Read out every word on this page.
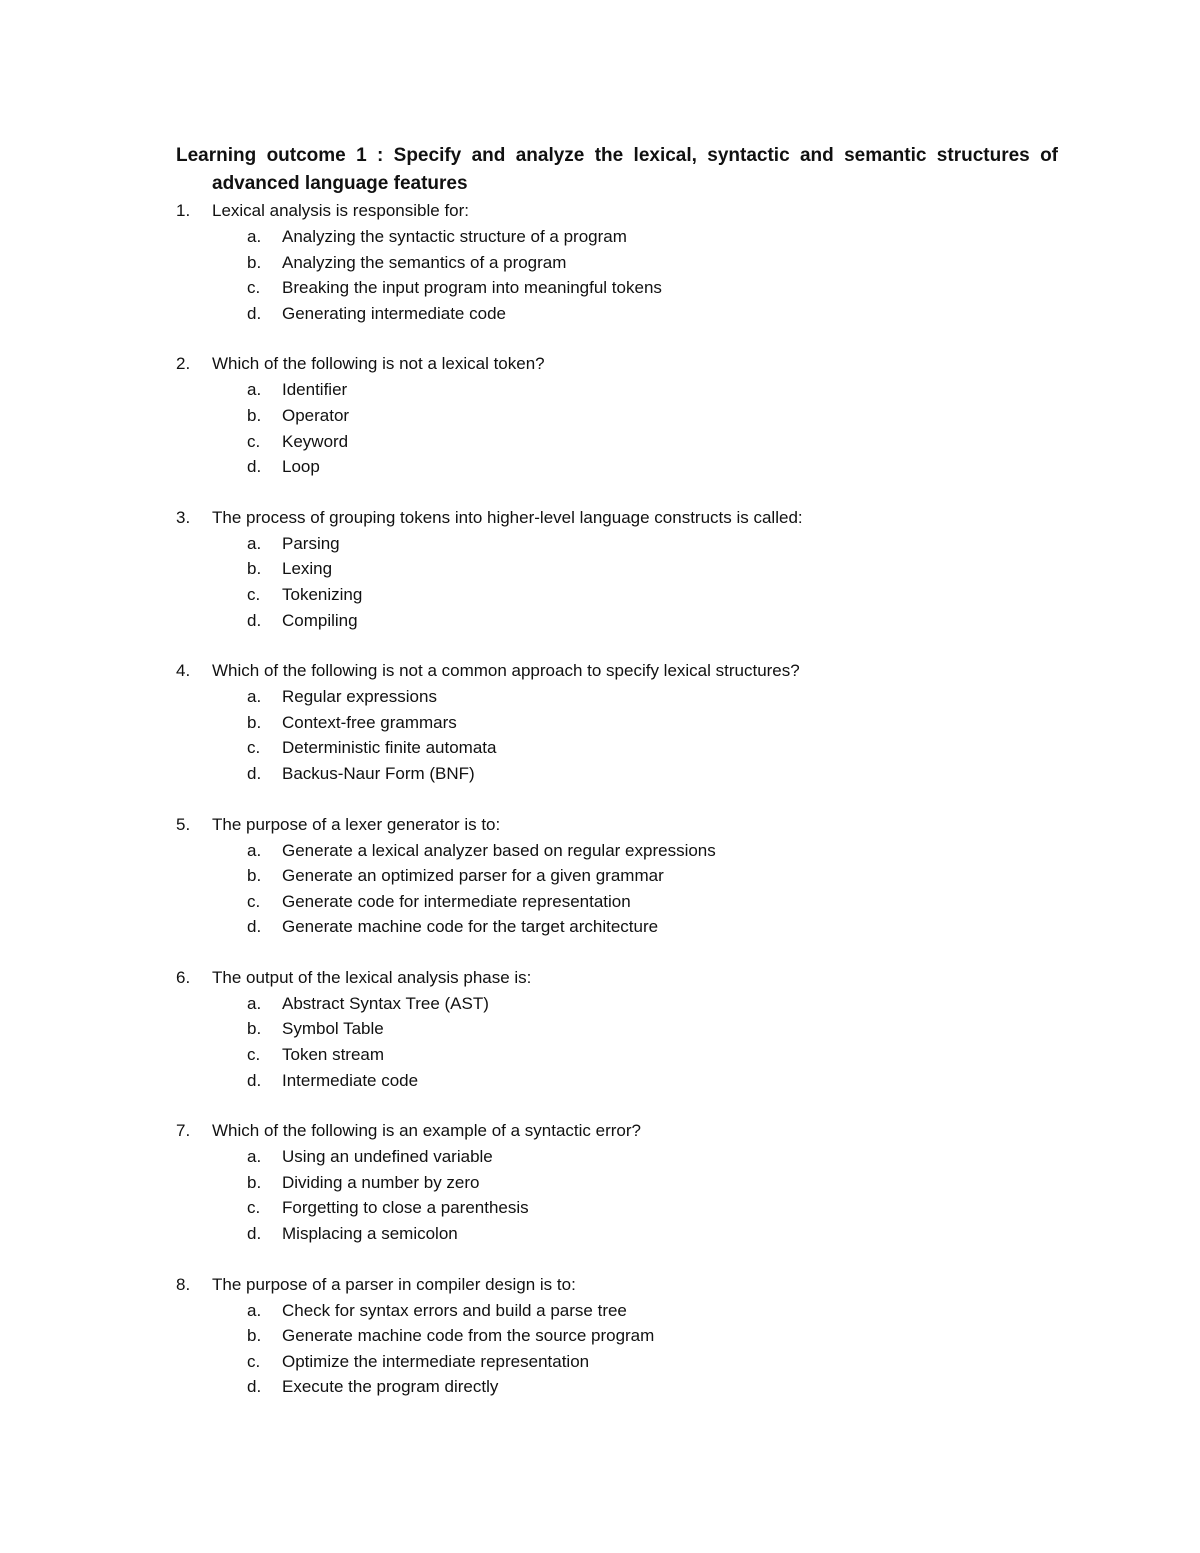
Learning outcome 1 : Specify and analyze the lexical, syntactic and semantic structures of advanced language features
1. Lexical analysis is responsible for:
a. Analyzing the syntactic structure of a program
b. Analyzing the semantics of a program
c. Breaking the input program into meaningful tokens
d. Generating intermediate code
2. Which of the following is not a lexical token?
a. Identifier
b. Operator
c. Keyword
d. Loop
3. The process of grouping tokens into higher-level language constructs is called:
a. Parsing
b. Lexing
c. Tokenizing
d. Compiling
4. Which of the following is not a common approach to specify lexical structures?
a. Regular expressions
b. Context-free grammars
c. Deterministic finite automata
d. Backus-Naur Form (BNF)
5. The purpose of a lexer generator is to:
a. Generate a lexical analyzer based on regular expressions
b. Generate an optimized parser for a given grammar
c. Generate code for intermediate representation
d. Generate machine code for the target architecture
6. The output of the lexical analysis phase is:
a. Abstract Syntax Tree (AST)
b. Symbol Table
c. Token stream
d. Intermediate code
7. Which of the following is an example of a syntactic error?
a. Using an undefined variable
b. Dividing a number by zero
c. Forgetting to close a parenthesis
d. Misplacing a semicolon
8. The purpose of a parser in compiler design is to:
a. Check for syntax errors and build a parse tree
b. Generate machine code from the source program
c. Optimize the intermediate representation
d. Execute the program directly
